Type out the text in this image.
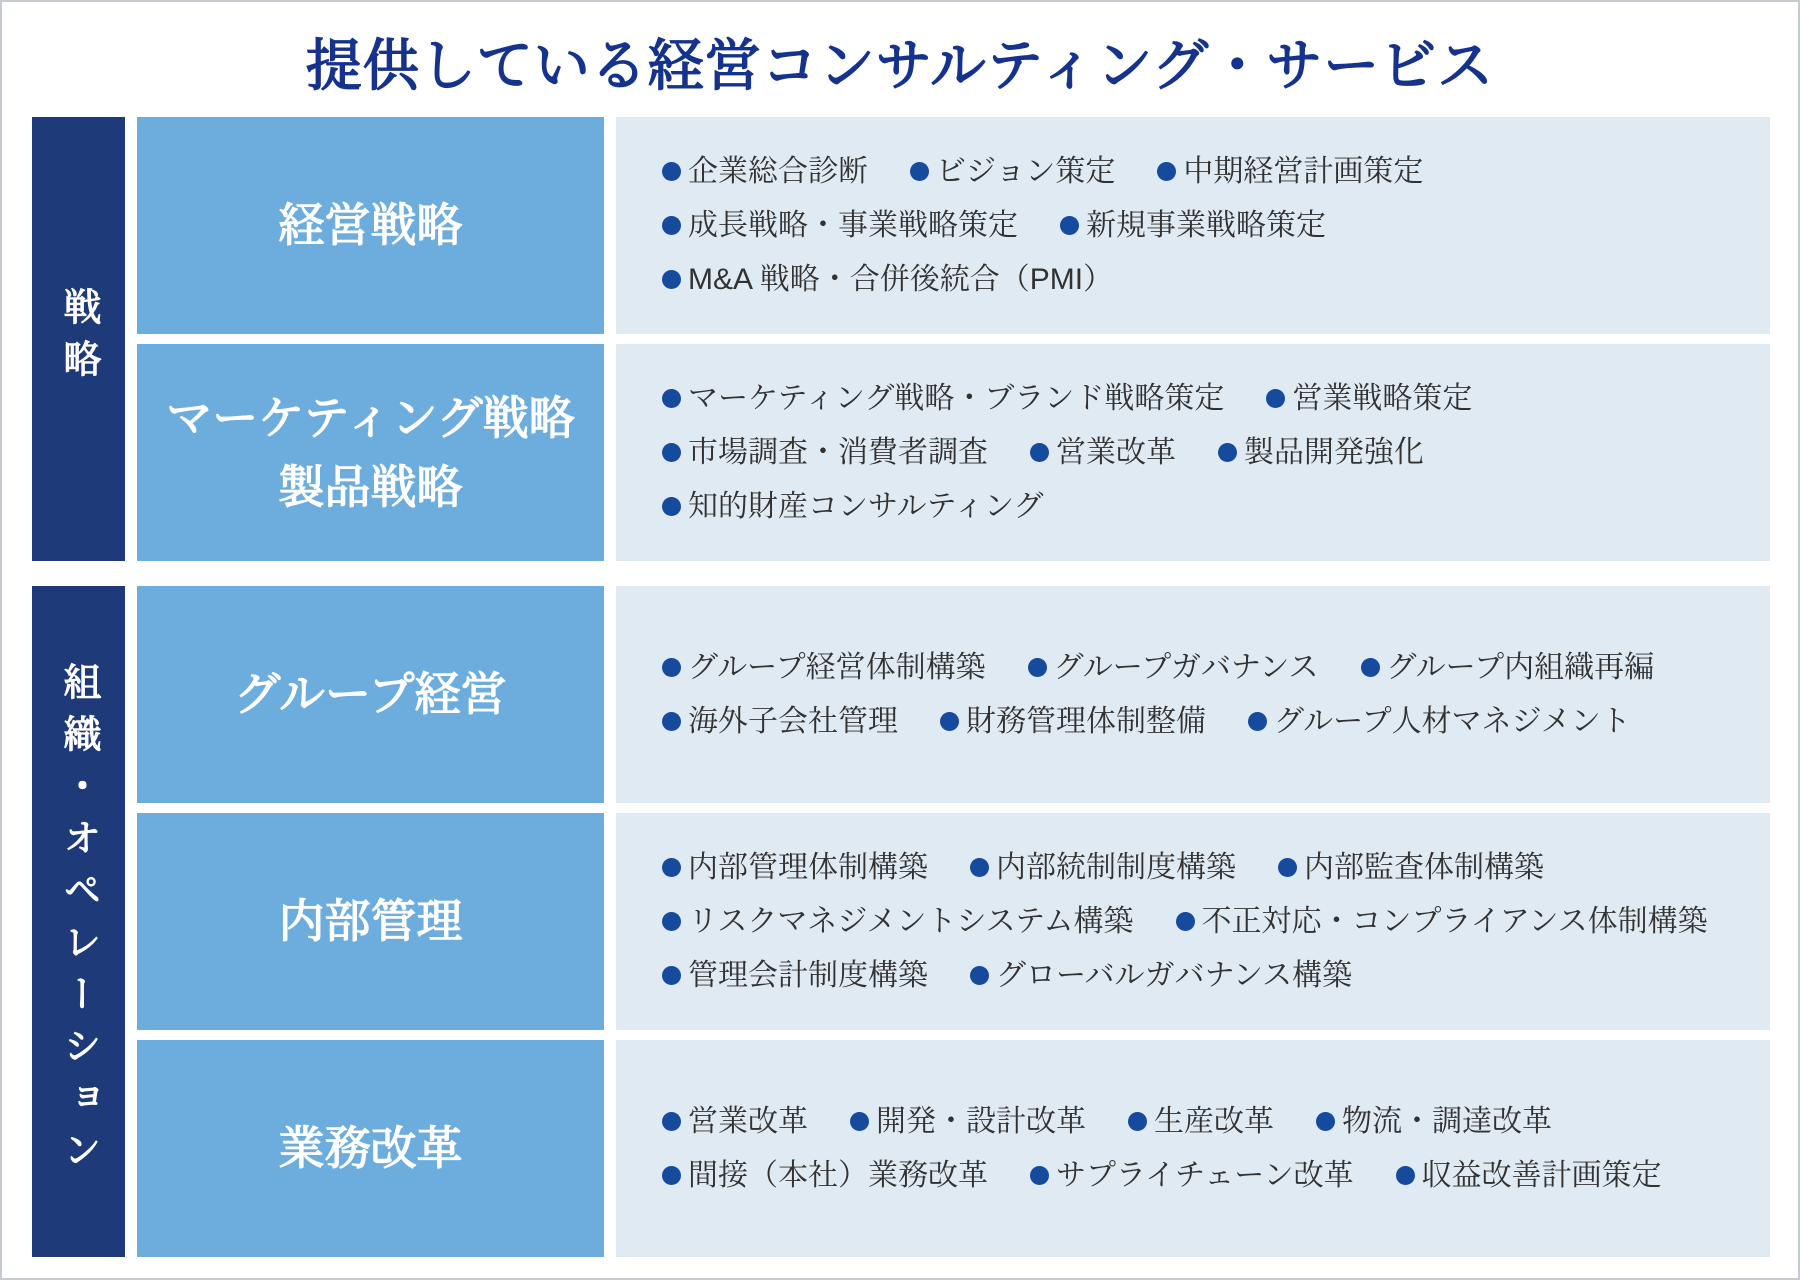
提供している経営コンサルティング・サービス
戦略
経営戦略
企業総合診断 ビジョン策定 中期経営計画策定
成長戦略・事業戦略策定 新規事業戦略策定
M&A 戦略・合併後統合（PMI）
マーケティング戦略
製品戦略
マーケティング戦略・ブランド戦略策定 営業戦略策定
市場調査・消費者調査 営業改革 製品開発強化
知的財産コンサルティング
組織・オペレーション	グループ経営
グループ経営体制構築 グループガバナンス グループ内組織再編
海外子会社管理 財務管理体制整備 グループ人材マネジメント
内部管理
内部管理体制構築 内部統制制度構築 内部監査体制構築
リスクマネジメントシステム構築 不正対応・コンプライアンス体制構築
管理会計制度構築 グローバルガバナンス構築
業務改革
営業改革 開発・設計改革 生産改革 物流・調達改革
間接（本社）業務改革 サプライチェーン改革 収益改善計画策定
